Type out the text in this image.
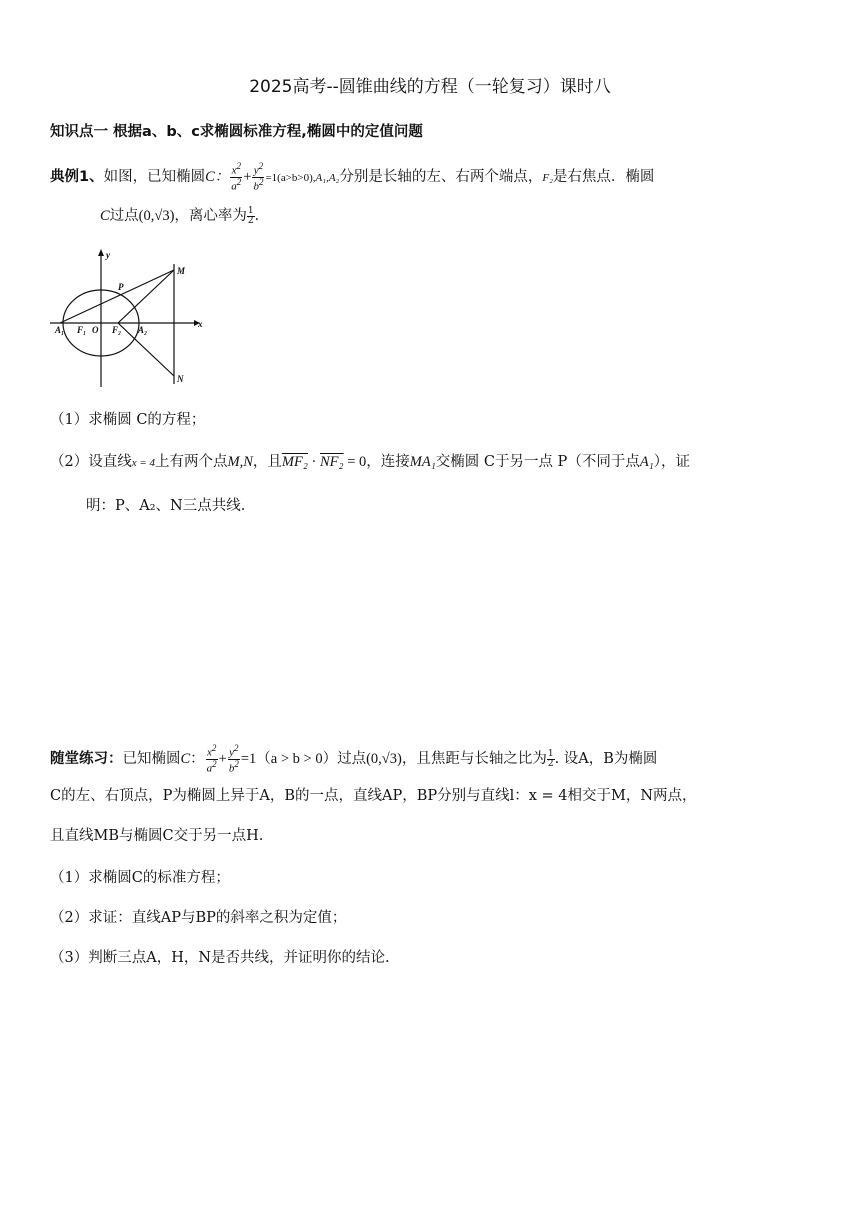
2025高考--圆锥曲线的方程（一轮复习）课时八
知识点一 根据a、b、c求椭圆标准方程,椭圆中的定值问题
典例1、如图，已知椭圆C： $\frac{x^2}{a^2} + \frac{y^2}{b^2} =1(a>b>0),A_1,A_2$分别是长轴的左、右两个端点，F₂是右焦点．椭圆
C过点(0,√3)，离心率为 $\frac{1}{2}$ ．
y
x
M
N
P
A₁ F₁ O F₂ A₂
（1）求椭圆 C的方程；
（2）设直线x = 4上有两个点M,N，且MF₂ · NF₂ = 0，连接MA₁交椭圆 C于另一点 P（不同于点A₁），证
明：P、A₂、N三点共线.
随堂练习：已知椭圆C： $\frac{x^2}{a^2} + \frac{y^2}{b^2} =1(a > b > 0)$过点(0,√3)，且焦距与长轴之比为 $\frac{1}{2}$ . 设A，B为椭圆
C的左、右顶点，P为椭圆上异于A，B的一点，直线AP，BP分别与直线l：x = 4相交于M，N两点，
且直线MB与椭圆C交于另一点H.
（1）求椭圆C的标准方程；
（2）求证：直线AP与BP的斜率之积为定值；
（3）判断三点A，H，N是否共线，并证明你的结论.
